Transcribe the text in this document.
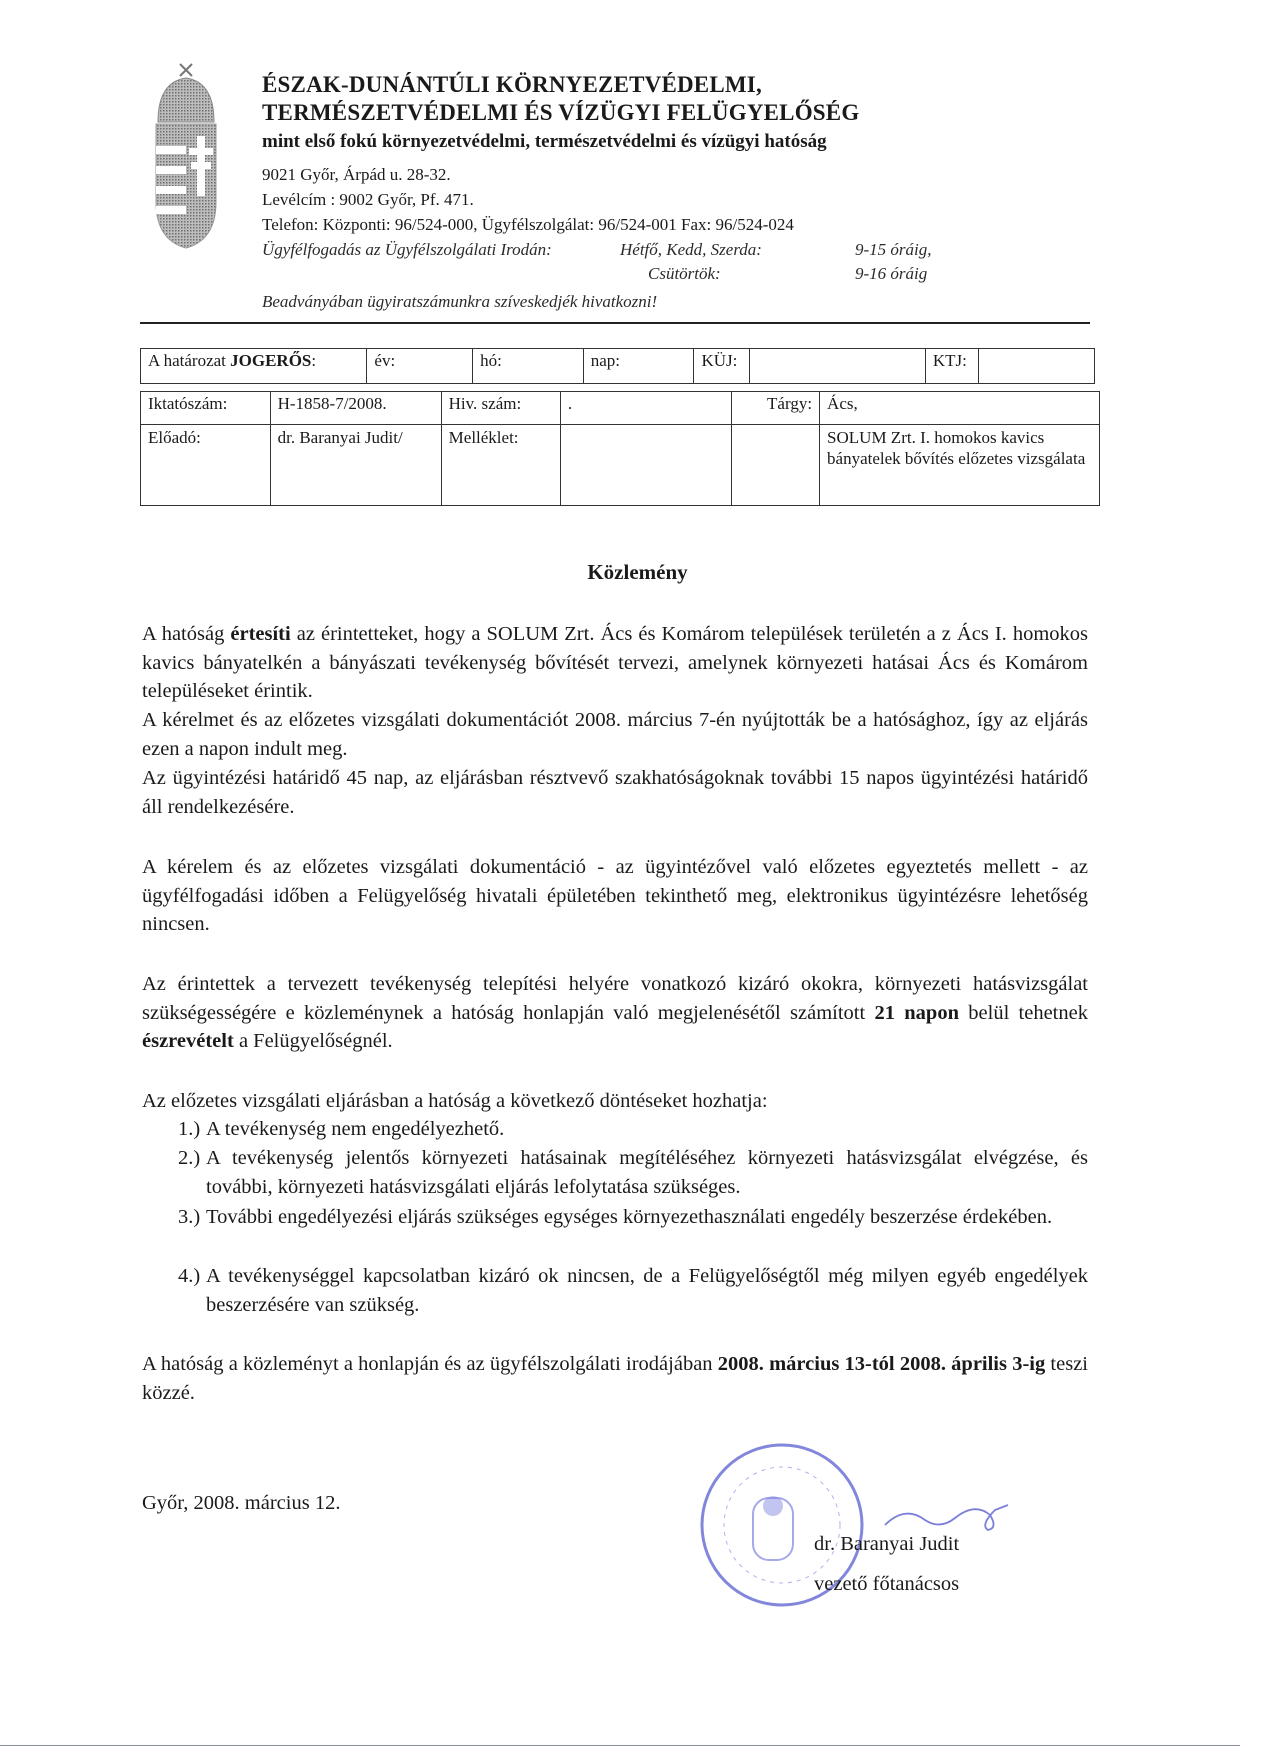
ÉSZAK-DUNÁNTÚLI KÖRNYEZETVÉDELMI,
TERMÉSZETVÉDELMI ÉS VÍZÜGYI FELÜGYELŐSÉG
mint első fokú környezetvédelmi, természetvédelmi és vízügyi hatóság
9021 Győr, Árpád u. 28-32.
Levélcím : 9002 Győr, Pf. 471.
Telefon: Központi: 96/524-000, Ügyfélszolgálat: 96/524-001 Fax: 96/524-024
Ügyfélfogadás az Ügyfélszolgálati Irodán:	Hétfő, Kedd, Szerda:	9-15 óráig,
Csütörtök:	9-16 óráig
Beadványában ügyiratszámunkra szíveskedjék hivatkozni!
A határozat JOGERŐS:	év:	hó:	nap:	KÜJ:		KTJ:	
Iktatószám:	H-1858-7/2008.	Hiv. szám:	.	Tárgy:	Ács,
Előadó:	dr. Baranyai Judit/	Melléklet:			SOLUM Zrt. I. homokos kavics bányatelek bővítés előzetes vizsgálata
Közlemény
A hatóság értesíti az érintetteket, hogy a SOLUM Zrt. Ács és Komárom települések területén a z Ács I. homokos kavics bányatelkén a bányászati tevékenység bővítését tervezi, amelynek környezeti hatásai Ács és Komárom településeket érintik.
A kérelmet és az előzetes vizsgálati dokumentációt 2008. március 7-én nyújtották be a hatósághoz, így az eljárás ezen a napon indult meg.
Az ügyintézési határidő 45 nap, az eljárásban résztvevő szakhatóságoknak további 15 napos ügyintézési határidő áll rendelkezésére.
A kérelem és az előzetes vizsgálati dokumentáció - az ügyintézővel való előzetes egyeztetés mellett - az ügyfélfogadási időben a Felügyelőség hivatali épületében tekinthető meg, elektronikus ügyintézésre lehetőség nincsen.
Az érintettek a tervezett tevékenység telepítési helyére vonatkozó kizáró okokra, környezeti hatásvizsgálat szükségességére e közleménynek a hatóság honlapján való megjelenésétől számított 21 napon belül tehetnek észrevételt a Felügyelőségnél.
Az előzetes vizsgálati eljárásban a hatóság a következő döntéseket hozhatja:
1.) A tevékenység nem engedélyezhető.
2.) A tevékenység jelentős környezeti hatásainak megítéléséhez környezeti hatásvizsgálat elvégzése, és további, környezeti hatásvizsgálati eljárás lefolytatása szükséges.
3.) További engedélyezési eljárás szükséges egységes környezethasználati engedély beszerzése érdekében.
4.) A tevékenységgel kapcsolatban kizáró ok nincsen, de a Felügyelőségtől még milyen egyéb engedélyek beszerzésére van szükség.
A hatóság a közleményt a honlapján és az ügyfélszolgálati irodájában 2008. március 13-tól 2008. április 3-ig teszi közzé.
Győr, 2008. március 12.
dr. Baranyai Judit
vezető főtanácsos
